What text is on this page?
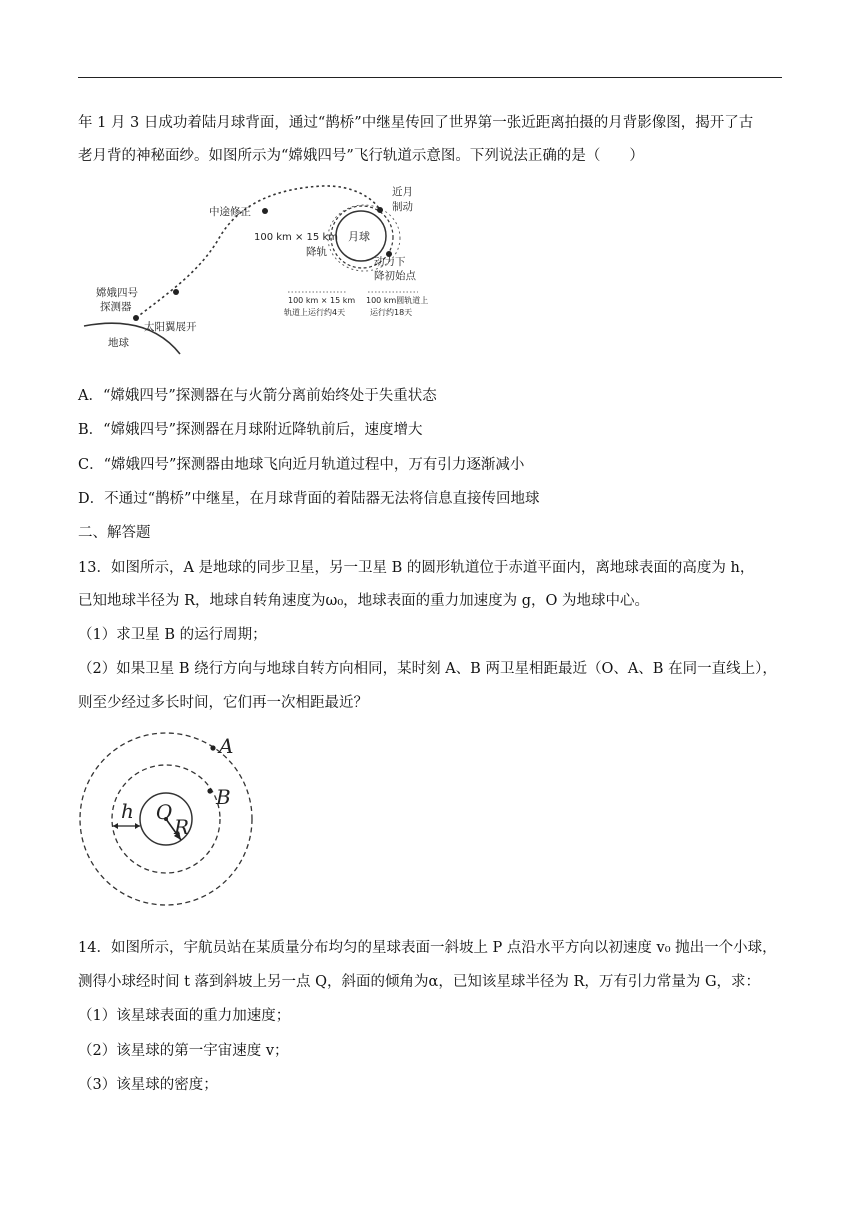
年 1 月 3 日成功着陆月球背面，通过“鹊桥”中继星传回了世界第一张近距离拍摄的月背影像图，揭开了古
老月背的神秘面纱。如图所示为“嫦娥四号”飞行轨道示意图。下列说法正确的是（　　）
中途修正
近月
制动
100 km × 15 km
降轨
月球
动力下
降初始点
嫦娥四号
探测器
太阳翼展开
地球
100 km × 15 km
轨道上运行约4天
100 km圆轨道上
运行约18天
A．“嫦娥四号”探测器在与火箭分离前始终处于失重状态
B．“嫦娥四号”探测器在月球附近降轨前后，速度增大
C．“嫦娥四号”探测器由地球飞向近月轨道过程中，万有引力逐渐减小
D．不通过“鹊桥”中继星，在月球背面的着陆器无法将信息直接传回地球
二、解答题
13．如图所示，A 是地球的同步卫星，另一卫星 B 的圆形轨道位于赤道平面内，离地球表面的高度为 h，
已知地球半径为 R，地球自转角速度为ω₀，地球表面的重力加速度为 g，O 为地球中心。
（1）求卫星 B 的运行周期；
（2）如果卫星 B 绕行方向与地球自转方向相同，某时刻 A、B 两卫星相距最近（O、A、B 在同一直线上），
则至少经过多长时间，它们再一次相距最近？
A
B
O
R
h
14．如图所示，宇航员站在某质量分布均匀的星球表面一斜坡上 P 点沿水平方向以初速度 v₀ 抛出一个小球，
测得小球经时间 t 落到斜坡上另一点 Q，斜面的倾角为α，已知该星球半径为 R，万有引力常量为 G，求：
（1）该星球表面的重力加速度；
（2）该星球的第一宇宙速度 v；
（3）该星球的密度；
